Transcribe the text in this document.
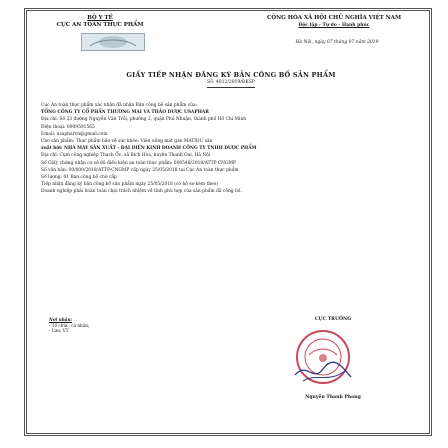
BỘ Y TẾ
CỤC AN TOÀN THỰC PHẨM
CỘNG HÒA XÃ HỘI CHỦ NGHĨA VIỆT NAM
Độc lập - Tự do - Hạnh phúc
Hà Nội, ngày 07 tháng 07 năm 2019
GIẤY TIẾP NHẬN ĐĂNG KÝ BẢN CÔNG BỐ SẢN PHẨM
Số: 4012/2019/ĐKSP

Cục An toàn thực phẩm xác nhận đã nhận Bản công bố sản phẩm của:

TỔNG CÔNG TY CỔ PHẦN THƯƠNG MẠI VÀ THẢO DƯỢC USAPHAR

Địa chỉ: Số 23 đường Nguyễn Văn Trỗi, phường 2, quận Phú Nhuận, thành phố Hồ Chí Minh

Điện thoại: 0909591565

Email: usapharvn@gmail.com

Cho sản phẩm: Thực phẩm bảo vệ sức khỏe: Viên uống mát gan MATIDU sản

xuất bởi: NHÀ MÁY SẢN XUẤT - ĐẠI DIỆN KINH DOANH CÔNG TY TNHH DƯỢC PHẨM

Địa chỉ: Cụm công nghiệp Thạch Ốc, xã Bích Hòa, huyện Thanh Oai, Hà Nội

Số Giấy chứng nhận cơ sở đủ điều kiện an toàn thực phẩm: 000548/2018/ATTP-CNGMP

Số văn bản: 00/000/2018/ATTP-CNGMP cấp ngày 25/05/2018 tại Cục An toàn thực phẩm

Số lượng: 01 Ban công bố chờ cấp

Tiếp nhận đăng ký bản công bố sản phẩm ngày 25/05/2018 (có hồ sơ kèm theo)

Doanh nghiệp phải hoàn toàn chịu trách nhiệm về tính phù hợp của sản phẩm đã công bố.

Nơi nhận:
- Tổ chức, cá nhân;
- Lưu: VT.
CỤC TRƯỞNG
Nguyễn Thanh Phong
